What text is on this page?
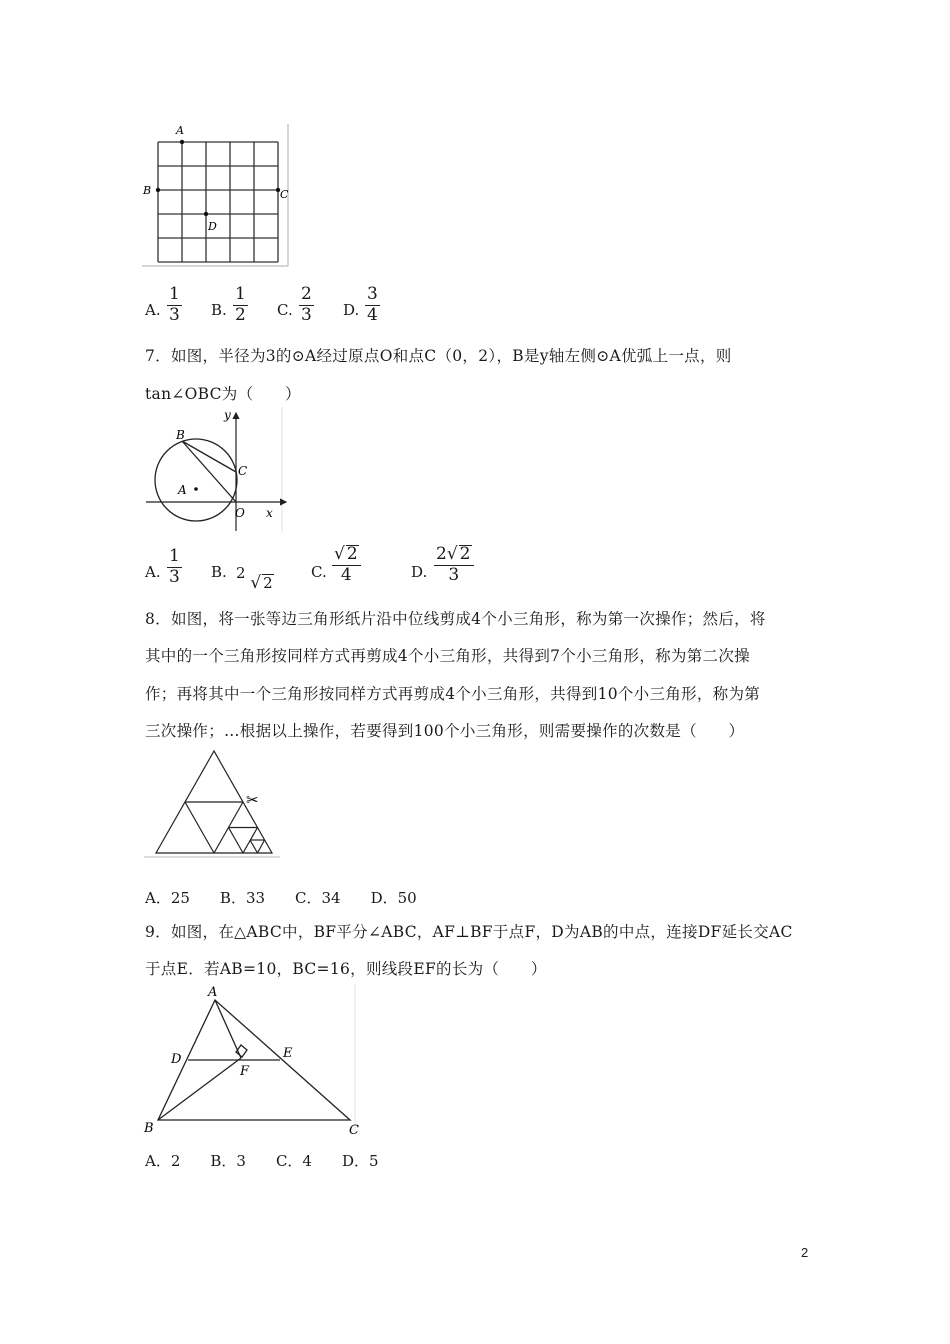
A
B	C
D
A.
1
3 B.
1
2 C.
2
3 D.
3
4
7．如图，半径为3的⊙A经过原点O和点C（0，2），B是y轴左侧⊙A优弧上一点，则
tan∠OBC为（　　）
y
B
C
A
O x
A.
1
3 B. 2 √ 2
C.
√ 2
4	D.
2√ 2
3
8．如图，将一张等边三角形纸片沿中位线剪成4个小三角形，称为第一次操作；然后，将
其中的一个三角形按同样方式再剪成4个小三角形，共得到7个小三角形，称为第二次操
作；再将其中一个三角形按同样方式再剪成4个小三角形，共得到10个小三角形，称为第
三次操作；…根据以上操作，若要得到100个小三角形，则需要操作的次数是（　　）
✂
A．25　　B．33　　C．34　　D．50
9．如图，在△ABC中，BF平分∠ABC，AF⊥BF于点F，D为AB的中点，连接DF延长交AC
于点E．若AB=10，BC=16，则线段EF的长为（　　）
A
D	E
F
B	C
A．2　　B．3　　C．4　　D．5
2
